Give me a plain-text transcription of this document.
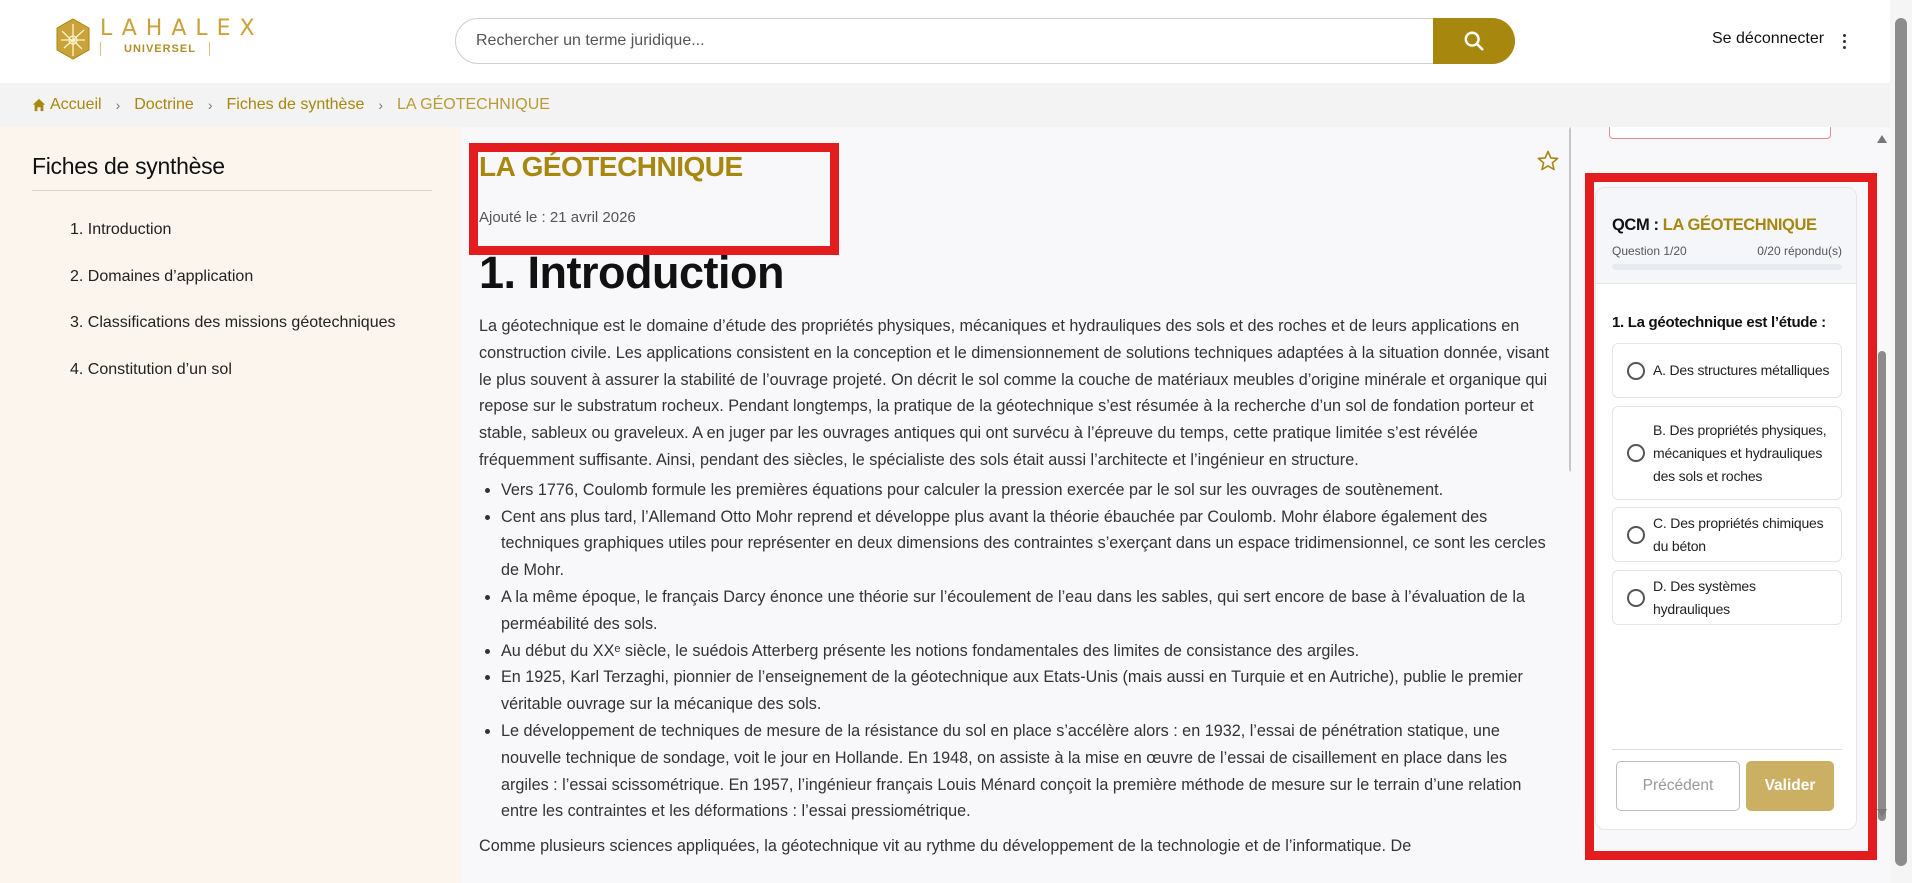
LAHALEX
UNIVERSEL
Rechercher un terme juridique...
Se déconnecter
Accueil › Doctrine › Fiches de synthèse › LA GÉOTECHNIQUE
Fiches de synthèse
1. Introduction
2. Domaines d’application
3. Classifications des missions géotechniques
4. Constitution d’un sol
LA GÉOTECHNIQUE
Ajouté le : 21 avril 2026
1. Introduction

La géotechnique est le domaine d’étude des propriétés physiques, mécaniques et hydrauliques des sols et des roches et de leurs applications en construction civile. Les applications consistent en la conception et le dimensionnement de solutions techniques adaptées à la situation donnée, visant le plus souvent à assurer la stabilité de l’ouvrage projeté. On décrit le sol comme la couche de matériaux meubles d’origine minérale et organique qui repose sur le substratum rocheux. Pendant longtemps, la pratique de la géotechnique s’est résumée à la recherche d’un sol de fondation porteur et stable, sableux ou graveleux. A en juger par les ouvrages antiques qui ont survécu à l’épreuve du temps, cette pratique limitée s’est révélée fréquemment suffisante. Ainsi, pendant des siècles, le spécialiste des sols était aussi l’architecte et l’ingénieur en structure.

• Vers 1776, Coulomb formule les premières équations pour calculer la pression exercée par le sol sur les ouvrages de soutènement.
• Cent ans plus tard, l’Allemand Otto Mohr reprend et développe plus avant la théorie ébauchée par Coulomb. Mohr élabore également des techniques graphiques utiles pour représenter en deux dimensions des contraintes s’exerçant dans un espace tridimensionnel, ce sont les cercles de Mohr.
• A la même époque, le français Darcy énonce une théorie sur l’écoulement de l’eau dans les sables, qui sert encore de base à l’évaluation de la perméabilité des sols.
• Au début du XXᵉ siècle, le suédois Atterberg présente les notions fondamentales des limites de consistance des argiles.
• En 1925, Karl Terzaghi, pionnier de l’enseignement de la géotechnique aux Etats-Unis (mais aussi en Turquie et en Autriche), publie le premier véritable ouvrage sur la mécanique des sols.
• Le développement de techniques de mesure de la résistance du sol en place s’accélère alors : en 1932, l’essai de pénétration statique, une nouvelle technique de sondage, voit le jour en Hollande. En 1948, on assiste à la mise en œuvre de l’essai de cisaillement en place dans les argiles : l’essai scissométrique. En 1957, l’ingénieur français Louis Ménard conçoit la première méthode de mesure sur le terrain d’une relation entre les contraintes et les déformations : l’essai pressiométrique.

Comme plusieurs sciences appliquées, la géotechnique vit au rythme du développement de la technologie et de l’informatique. De

QCM : LA GÉOTECHNIQUE
Question 1/20	0/20 répondu(s)
1. La géotechnique est l’étude :
A. Des structures métalliques
B. Des propriétés physiques, mécaniques et hydrauliques des sols et roches
C. Des propriétés chimiques du béton
D. Des systèmes hydrauliques
Précédent	Valider
